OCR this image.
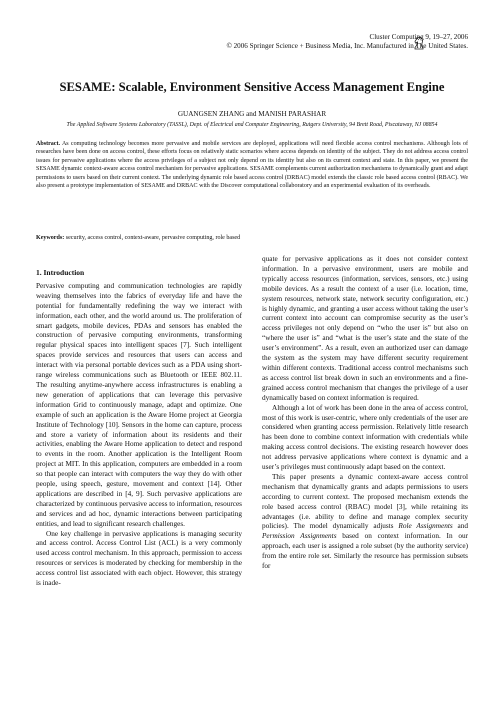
Cluster Computing 9, 19–27, 2006
© 2006 Springer Science + Business Media, Inc. Manufactured in The United States.
SESAME: Scalable, Environment Sensitive Access Management Engine
GUANGSEN ZHANG and MANISH PARASHAR
The Applied Software Systems Laboratory (TASSL), Dept. of Electrical and Computer Engineering, Rutgers University, 94 Brett Road, Piscataway, NJ 08854
Abstract. As computing technology becomes more pervasive and mobile services are deployed, applications will need flexible access control mechanisms. Although lots of researches have been done on access control, these efforts focus on relatively static scenarios where access depends on identity of the subject. They do not address access control issues for pervasive applications where the access privileges of a subject not only depend on its identity but also on its current context and state. In this paper, we present the SESAME dynamic context-aware access control mechanism for pervasive applications. SESAME complements current authorization mechanisms to dynamically grant and adapt permissions to users based on their current context. The underlying dynamic role based access control (DRBAC) model extends the classic role based access control (RBAC). We also present a prototype implementation of SESAME and DRBAC with the Discover computational collaboratory and an experimental evaluation of its overheads.
Keywords: security, access control, context-aware, pervasive computing, role based
1. Introduction

Pervasive computing and communication technologies are rapidly weaving themselves into the fabrics of everyday life and have the potential for fundamentally redefining the way we interact with information, each other, and the world around us. The proliferation of smart gadgets, mobile devices, PDAs and sensors has enabled the construction of pervasive computing environments, transforming regular physical spaces into intelligent spaces [7]. Such intelligent spaces provide services and resources that users can access and interact with via personal portable devices such as a PDA using short-range wireless communications such as Bluetooth or IEEE 802.11. The resulting anytime-anywhere access infrastructures is enabling a new generation of applications that can leverage this pervasive information Grid to continuously manage, adapt and optimize. One example of such an application is the Aware Home project at Georgia Institute of Technology [10]. Sensors in the home can capture, process and store a variety of information about its residents and their activities, enabling the Aware Home application to detect and respond to events in the room. Another application is the Intelligent Room project at MIT. In this application, computers are embedded in a room so that people can interact with computers the way they do with other people, using speech, gesture, movement and context [14]. Other applications are described in [4, 9]. Such pervasive applications are characterized by continuous pervasive access to information, resources and services and ad hoc, dynamic interactions between participating entities, and lead to significant research challenges.

One key challenge in pervasive applications is managing security and access control. Access Control List (ACL) is a very commonly used access control mechanism. In this approach, permission to access resources or services is moderated by checking for membership in the access control list associated with each object. However, this strategy is inade-

quate for pervasive applications as it does not consider context information. In a pervasive environment, users are mobile and typically access resources (information, services, sensors, etc.) using mobile devices. As a result the context of a user (i.e. location, time, system resources, network state, network security configuration, etc.) is highly dynamic, and granting a user access without taking the user’s current context into account can compromise security as the user’s access privileges not only depend on “who the user is” but also on “where the user is” and “what is the user’s state and the state of the user’s environment”. As a result, even an authorized user can damage the system as the system may have different security requirement within different contexts. Traditional access control mechanisms such as access control list break down in such an environments and a fine-grained access control mechanism that changes the privilege of a user dynamically based on context information is required.

Although a lot of work has been done in the area of access control, most of this work is user-centric, where only credentials of the user are considered when granting access permission. Relatively little research has been done to combine context information with credentials while making access control decisions. The existing research however does not address pervasive applications where context is dynamic and a user’s privileges must continuously adapt based on the context.

This paper presents a dynamic context-aware access control mechanism that dynamically grants and adapts permissions to users according to current context. The proposed mechanism extends the role based access control (RBAC) model [3], while retaining its advantages (i.e. ability to define and manage complex security policies). The model dynamically adjusts Role Assignments and Permission Assignments based on context information. In our approach, each user is assigned a role subset (by the authority service) from the entire role set. Similarly the resource has permission subsets for
